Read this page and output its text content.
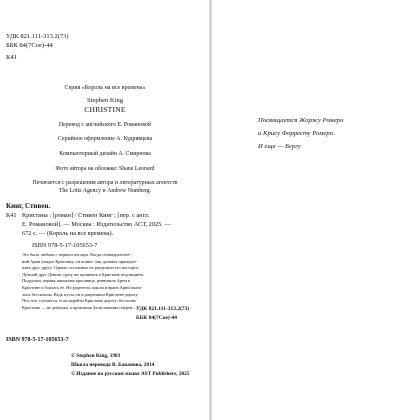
УДК 821.111-313.2(73)
ББК 84(7Сое)-44
К41
Серия «Король на все времена»
Stephen King
CHRISTINE
Перевод с английского Е. Романовой
Серийное оформление А. Кудрявцева
Компьютерный дизайн А. Смирнова
Фото автора на обложке: Shane Leonard
Печатается с разрешения автора и литературных агентств
The Lotts Agency и Andrew Numberg.
Кинг, Стивен.
К41 Кристина : [роман] / Стивен Кинг ; [пер. с англ.
Е. Романовой]. — Москва : Издательство АСТ, 2025. —
672 с. — (Король на все времена).
ISBN 978-5-17-105653-7
Это была любовь с первого взгляда. Когда семнадцатилет-
ний Арни увидел Кристину, он понял: они должны принадле-
жать друг другу. Однако остальные не разделили его восторга.
Лучший друг Деннис сразу же проникся к Кристине недоверием.
Подружка, первая школьная красавица, ревновала Арни к
Кристине и боялась её. Но родители, школа и враги Арни оказа-
лись бессильны. Ведь пусть он и разрешили Кристине дорогу.
Что, что случается, если перейти Кристине дорогу: бессилие
Кристина — не девушка, а проклятая Злом машина смерти... УДК 821.111-313.2(73)
ББК 84(7Сое)-44
ISBN 978-5-17-105653-7
© Stephen King, 1983
Школа перевода В. Баканова, 2014
© Издание на русском языке AST Publishers, 2025
Посвящается Жоржу Ромеро
и Крису Форресту Ромеро.
И еще — Бергу
